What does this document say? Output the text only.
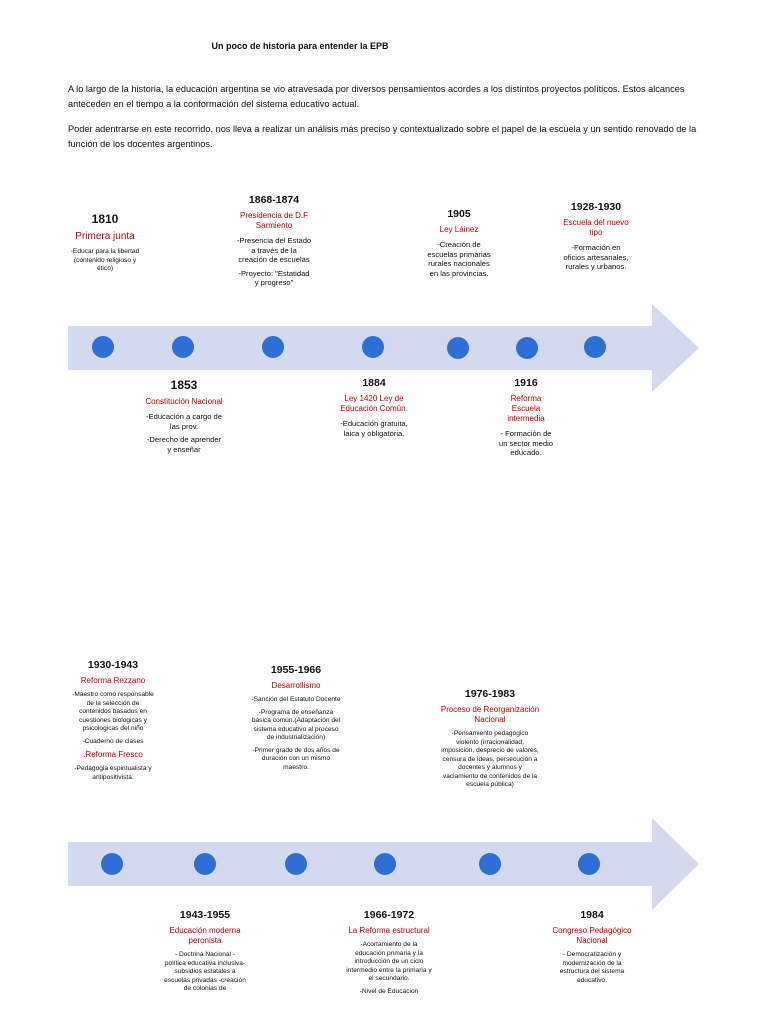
Un poco de historia para entender la EPB

A lo largo de la historia, la educación argentina se vio atravesada por diversos pensamientos acordes a los distintos proyectos políticos. Estos alcances anteceden en el tiempo a la conformación del sistema educativo actual.

Poder adentrarse en este recorrido, nos lleva a realizar un análisis más preciso y contextualizado sobre el papel de la escuela y un sentido renovado de la función de los docentes argentinos.

1810
Primera junta
-Educar para la libertad (contenido religioso y ético)
1868-1874
Presidencia de D.F Sarmiento
-Presencia del Estado a través de la creación de escuelas
-Proyecto: "Estatidad y progreso"
1905
Ley Láinez
-Creación de escuelas primarias rurales nacionales en las provincias.
1928-1930
Escuela del nuevo tipo
-Formación en oficios artesanales, rurales y urbanos.
1853
Constitución Nacional
-Educación a cargo de las prov.
-Derecho de aprender y enseñar
1884
Ley 1420 Ley de Educación Común.
-Educación gratuita, laica y obligatoria.
1916
Reforma Escuela intermedia
- Formación de un sector medio educado.
1930-1943
Reforma Rezzano
-Maestro como responsable de la selección de contenidos basados en cuestiones biologicas y psicologicas del niño
-Cuaderno de clases
.Reforma Fresco
-Pedagogia espiritualista y antipositivista.
1955-1966
Desarrollismo
-Sanción del Estatuto Docente
-Programa de enseñanza básica común.(Adaptación del sistema educativo al proceso de industrialización)
-Primer grado de dos años de duración con un mismo maestro.
1976-1983
Proceso de Reorganización Nacional
-Pensamiento pedagógico violento (irracionalidad, imposición, desprecio de valores, censura de ideas, persecución a docentes y alumnos y vaciamiento de contenidos de la escuela pública)
1943-1955
Educación moderna peronista
- Doctrina Nacional - política educativa inclusiva- subsidios estatales a escuelas privadas -creación de colonias de
1966-1972
La Reforma estructural
-Acortamiento de la educación primaria y la introducción de un ciclo intermedio entre la primaria y el secundario.
-Nivel de Educacion
1984
Congreso Pedagógico Nacional
- Democratización y modernización de la estructura del sistema educativo.
